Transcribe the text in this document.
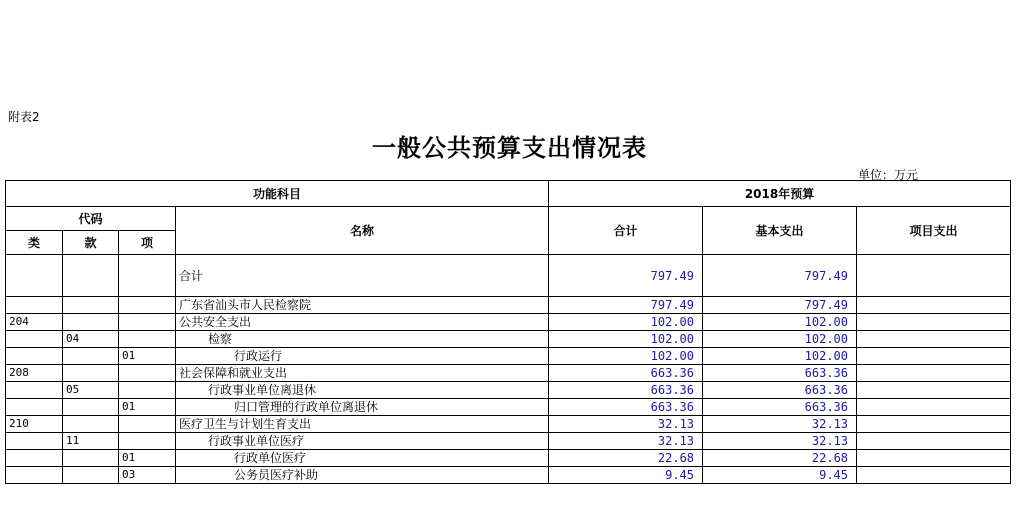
附表2
一般公共预算支出情况表
单位：万元
功能科目				2018年预算		
代码			名称	合计	基本支出	项目支出
类	款	项				
			合计	797.49	797.49	
			广东省汕头市人民检察院	797.49	797.49	
204			公共安全支出	102.00	102.00	
	04		检察	102.00	102.00	
		01	行政运行	102.00	102.00	
208			社会保障和就业支出	663.36	663.36	
	05		行政事业单位离退休	663.36	663.36	
		01	归口管理的行政单位离退休	663.36	663.36	
210			医疗卫生与计划生育支出	32.13	32.13	
	11		行政事业单位医疗	32.13	32.13	
		01	行政单位医疗	22.68	22.68	
		03	公务员医疗补助	9.45	9.45	
